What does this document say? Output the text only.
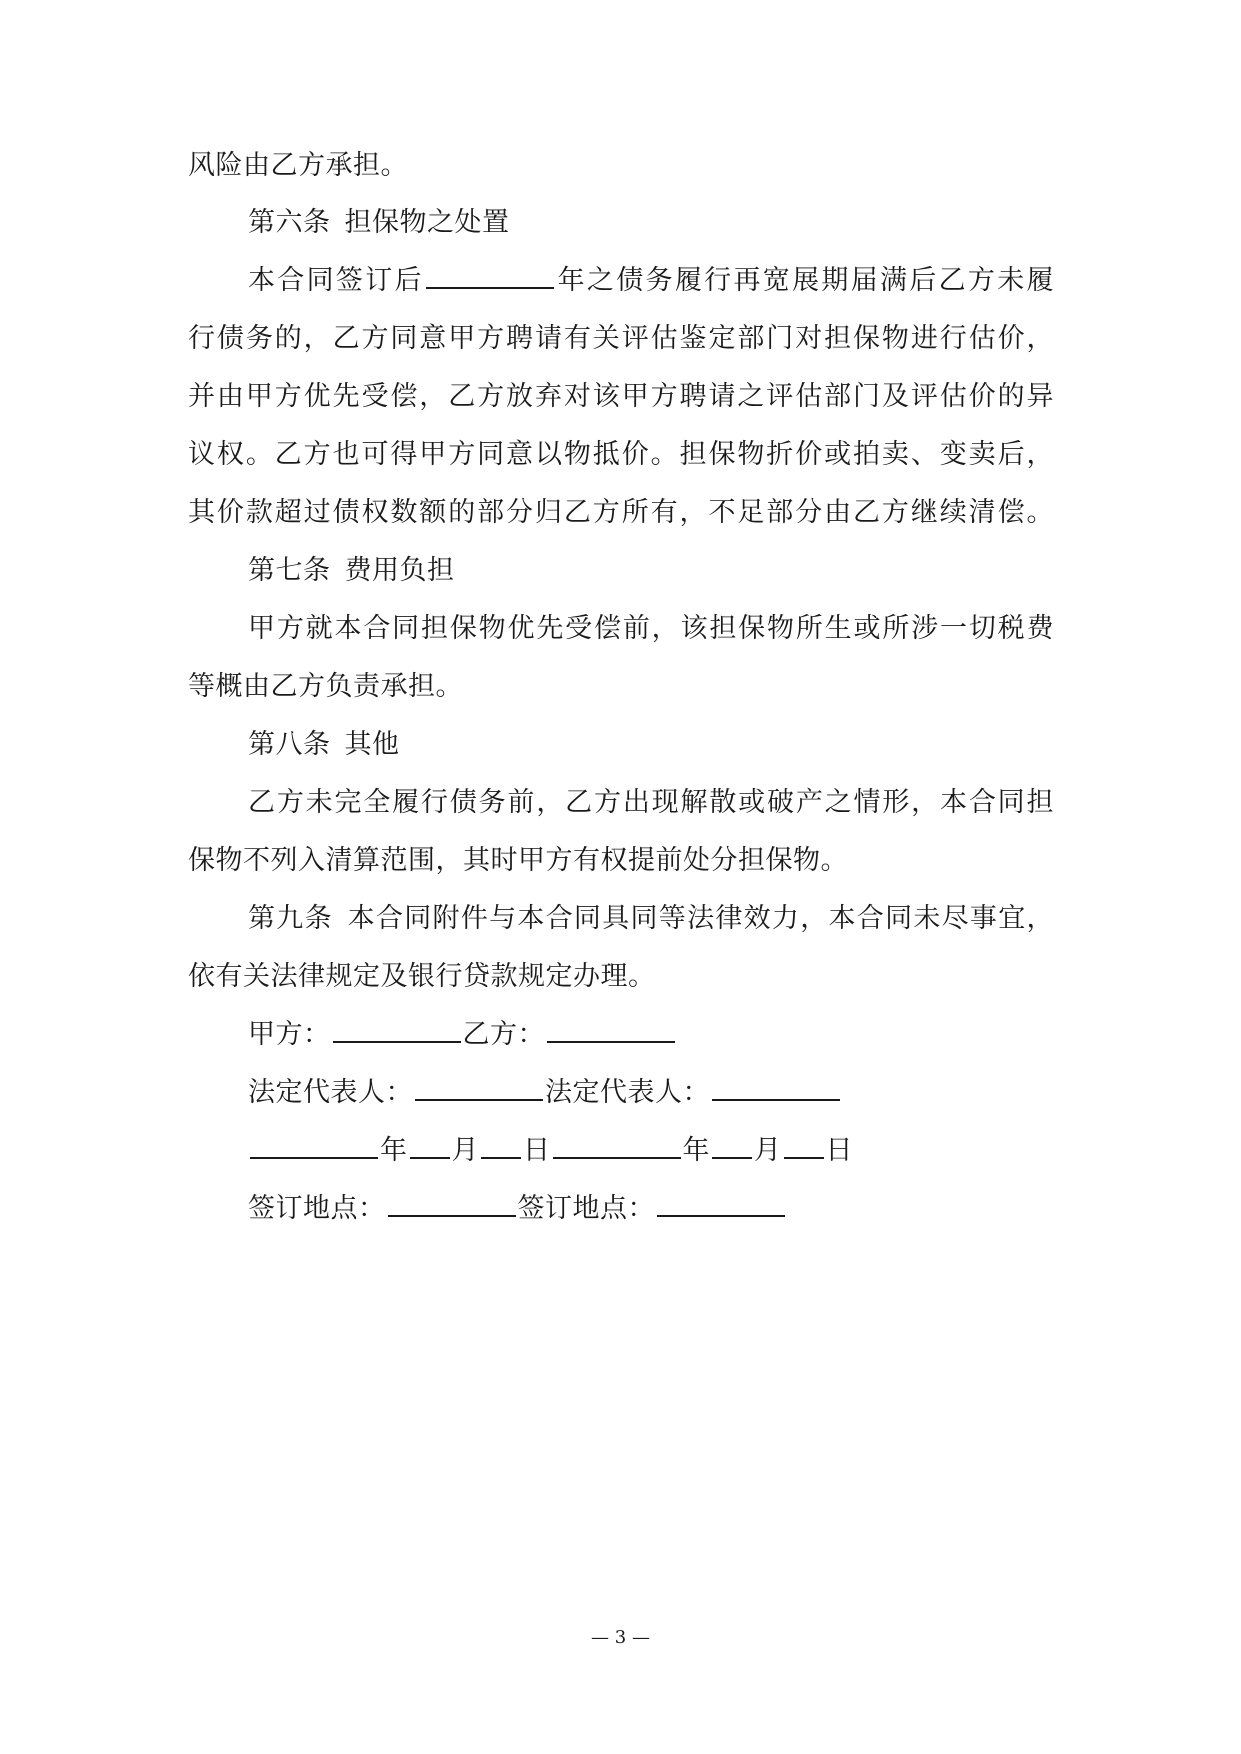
风险由乙方承担。
第六条 担保物之处置
本合同签订后	年之债务履行再宽展期届满后乙方未履
行债务的，乙方同意甲方聘请有关评估鉴定部门对担保物进行估价，
并由甲方优先受偿，乙方放弃对该甲方聘请之评估部门及评估价的异
议权。乙方也可得甲方同意以物抵价。担保物折价或拍卖、变卖后，
其价款超过债权数额的部分归乙方所有，不足部分由乙方继续清偿。
第七条 费用负担
甲方就本合同担保物优先受偿前，该担保物所生或所涉一切税费
等概由乙方负责承担。
第八条 其他
乙方未完全履行债务前，乙方出现解散或破产之情形，本合同担
保物不列入清算范围，其时甲方有权提前处分担保物。
第九条 本合同附件与本合同具同等法律效力，本合同未尽事宜，
依有关法律规定及银行贷款规定办理。
甲方：	乙方：
法定代表人：	法定代表人：
年 月 日	年 月 日
签订地点：	签订地点：
— 3 —
